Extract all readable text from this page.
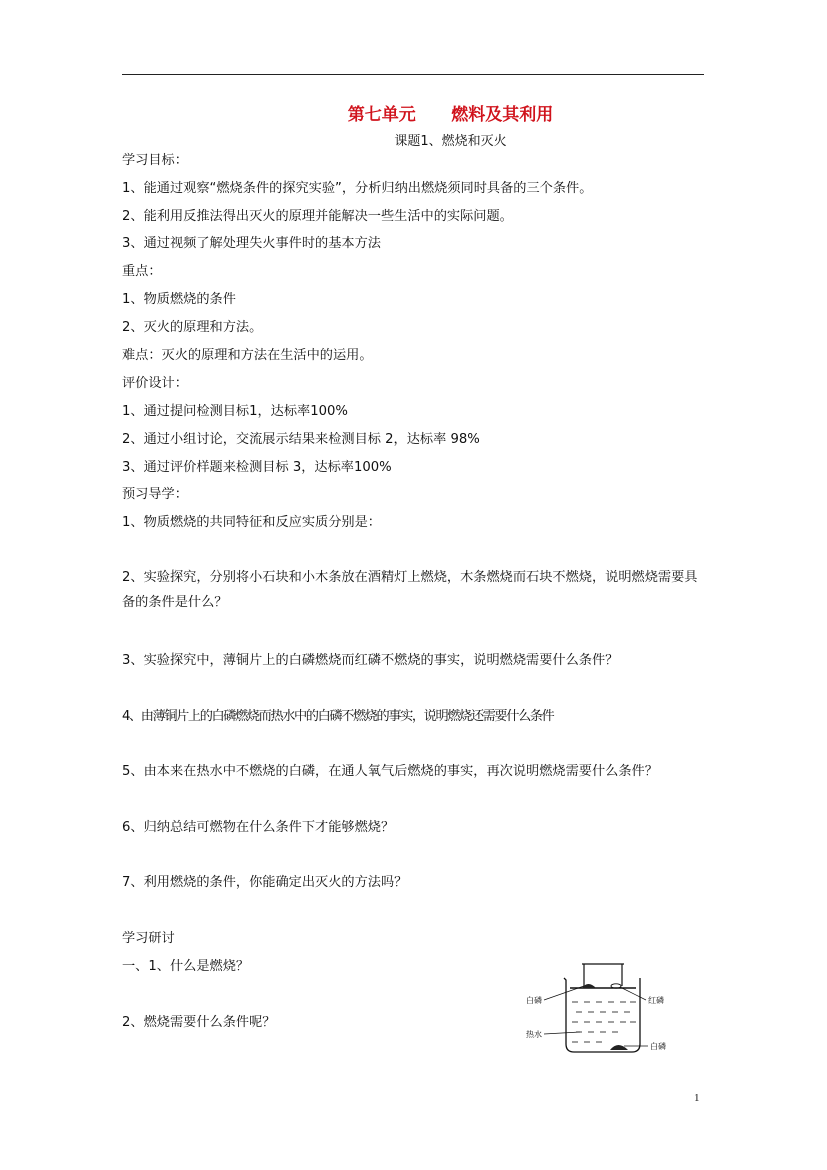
第七单元      燃料及其利用
课题1、燃烧和灭火
学习目标：
1、能通过观察“燃烧条件的探究实验”，分析归纳出燃烧须同时具备的三个条件。
2、能利用反推法得出灭火的原理并能解决一些生活中的实际问题。
3、通过视频了解处理失火事件时的基本方法
重点：
1、物质燃烧的条件
2、灭火的原理和方法。
难点：灭火的原理和方法在生活中的运用。
评价设计：
1、通过提问检测目标1，达标率100%
2、通过小组讨论，交流展示结果来检测目标 2，达标率 98%
3、通过评价样题来检测目标 3，达标率100%
预习导学：
1、物质燃烧的共同特征和反应实质分别是：
2、实验探究，分别将小石块和小木条放在酒精灯上燃烧，木条燃烧而石块不燃烧，说明燃烧需要具备的条件是什么？
3、实验探究中，薄铜片上的白磷燃烧而红磷不燃烧的事实，说明燃烧需要什么条件？
4、由薄铜片上的白磷燃烧而热水中的白磷不燃烧的事实，说明燃烧还需要什么条件
5、由本来在热水中不燃烧的白磷，在通人氧气后燃烧的事实，再次说明燃烧需要什么条件？
6、归纳总结可燃物在什么条件下才能够燃烧？
7、利用燃烧的条件，你能确定出灭火的方法吗？
学习研讨
一、1、什么是燃烧？
2、燃烧需要什么条件呢？
白磷	红磷
热水
白磷
1
